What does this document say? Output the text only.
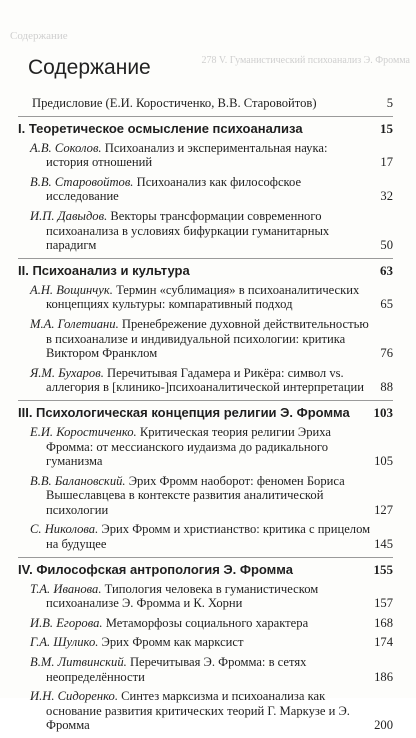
Содержание
278 V. Гуманистический психоанализ Э. Фромма
Содержание
Предисловие (Е.И. Коростиченко, В.В. Старовойтов)	5
I. Теоретическое осмысление психоанализа	15
А.В. Соколов. Психоанализ и экспериментальная наука: история отношений	17
В.В. Старовойтов. Психоанализ как философское исследование	32
И.П. Давыдов. Векторы трансформации современного психоанализа в условиях бифуркации гуманитарных парадигм	50
II. Психоанализ и культура	63
А.Н. Вощинчук. Термин «сублимация» в психоаналитических концепциях культуры: компаративный подход	65
М.А. Голетиани. Пренебрежение духовной действительностью в психоанализе и индивидуальной психологии: критика Виктором Франклом	76
Я.М. Бухаров. Перечитывая Гадамера и Рикёра: символ vs. аллегория в [клинико-]психоаналитической интерпретации	88
III. Психологическая концепция религии Э. Фромма	103
Е.И. Коростиченко. Критическая теория религии Эриха Фромма: от мессианского иудаизма до радикального гуманизма	105
В.В. Балановский. Эрих Фромм наоборот: феномен Бориса Вышеславцева в контексте развития аналитической психологии	127
С. Николова. Эрих Фромм и христианство: критика с прицелом на будущее	145
IV. Философская антропология Э. Фромма	155
Т.А. Иванова. Типология человека в гуманистическом психоанализе Э. Фромма и К. Хорни	157
И.В. Егорова. Метаморфозы социального характера	168
Г.А. Шулико. Эрих Фромм как марксист	174
В.М. Литвинский. Перечитывая Э. Фромма: в сетях неопределённости	186
И.Н. Сидоренко. Синтез марксизма и психоанализа как основание развития критических теорий Г. Маркузе и Э. Фромма	200
